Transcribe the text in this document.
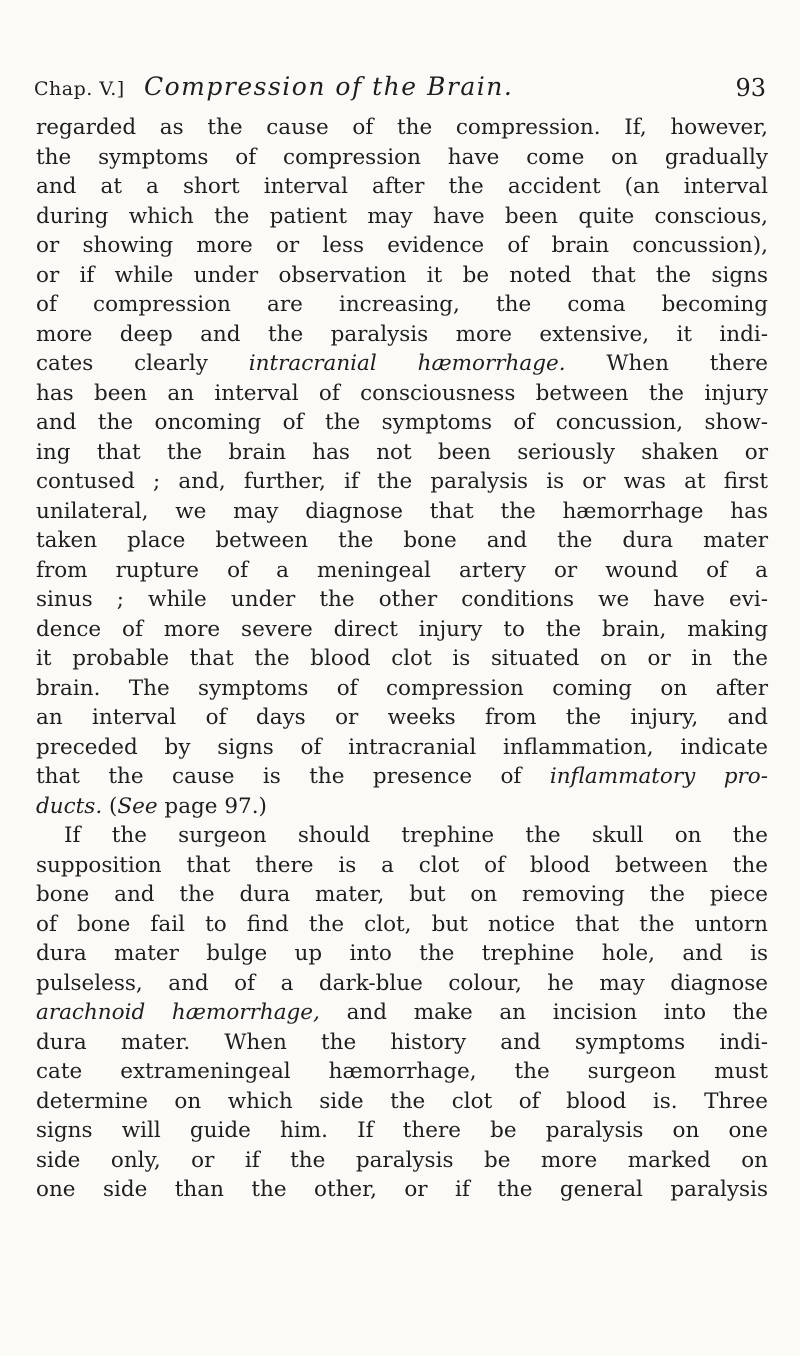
Chap. V.] Compression of the Brain.	93
regarded as the cause of the compression. If, however,
the symptoms of compression have come on gradually
and at a short interval after the accident (an interval
during which the patient may have been quite conscious,
or showing more or less evidence of brain concussion),
or if while under observation it be noted that the signs
of compression are increasing, the coma becoming
more deep and the paralysis more extensive, it indi-
cates clearly intracranial hæmorrhage. When there
has been an interval of consciousness between the injury
and the oncoming of the symptoms of concussion, show-
ing that the brain has not been seriously shaken or
contused ; and, further, if the paralysis is or was at first
unilateral, we may diagnose that the hæmorrhage has
taken place between the bone and the dura mater
from rupture of a meningeal artery or wound of a
sinus ; while under the other conditions we have evi-
dence of more severe direct injury to the brain, making
it probable that the blood clot is situated on or in the
brain. The symptoms of compression coming on after
an interval of days or weeks from the injury, and
preceded by signs of intracranial inflammation, indicate
that the cause is the presence of inflammatory pro-
ducts. (See page 97.)
If the surgeon should trephine the skull on the
supposition that there is a clot of blood between the
bone and the dura mater, but on removing the piece
of bone fail to find the clot, but notice that the untorn
dura mater bulge up into the trephine hole, and is
pulseless, and of a dark-blue colour, he may diagnose
arachnoid hæmorrhage, and make an incision into the
dura mater. When the history and symptoms indi-
cate extrameningeal hæmorrhage, the surgeon must
determine on which side the clot of blood is. Three
signs will guide him. If there be paralysis on one
side only, or if the paralysis be more marked on
one side than the other, or if the general paralysis
